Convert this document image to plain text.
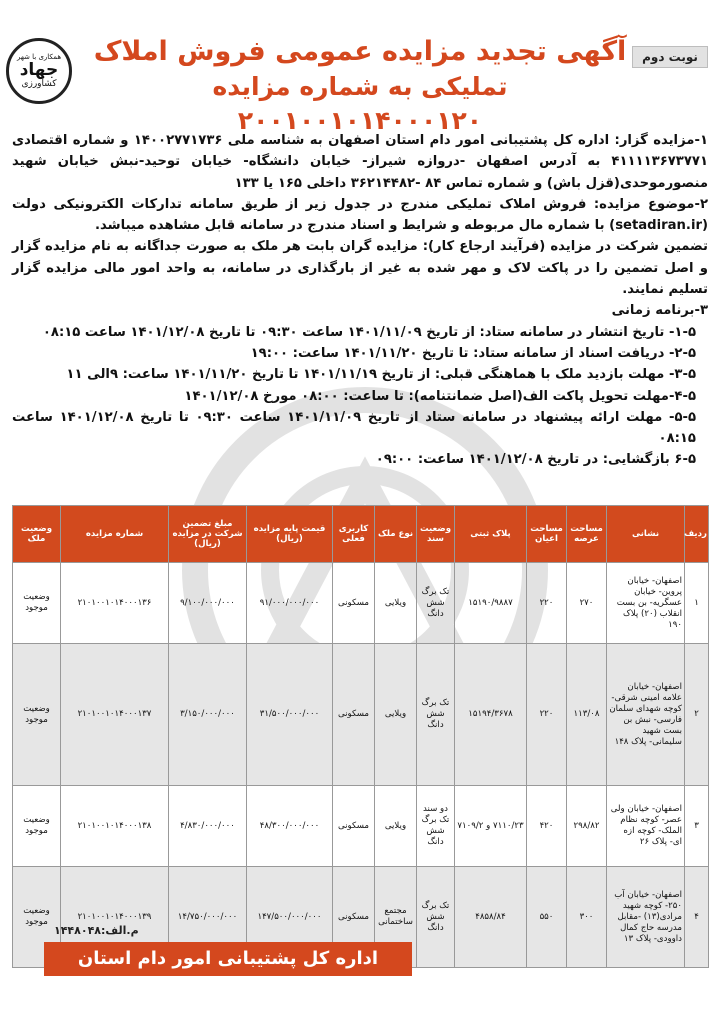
نوبت دوم
همکاری با شهر
جهاد
کشاورزی
آگهی تجدید مزایده عمومی فروش املاک
تملیکی به شماره مزایده ۲۰۰۱۰۰۱۰۱۴۰۰۰۱۲۰

۱-مزایده گزار: اداره کل پشتیبانی امور دام استان اصفهان به شناسه ملی ۱۴۰۰۲۷۷۱۷۳۶ و شماره اقتصادی ۴۱۱۱۱۳۶۷۳۷۷۱ به آدرس اصفهان -دروازه شیراز- خیابان دانشگاه- خیابان توحید-نبش خیابان شهید منصورموحدی(قزل باش) و شماره تماس ۸۴ -۳۶۲۱۴۴۸۲ داخلی ۱۶۵ یا ۱۳۳

۲-موضوع مزایده: فروش املاک تملیکی مندرج در جدول زیر از طریق سامانه تدارکات الکترونیکی دولت (setadiran.ir) با شماره مال مربوطه و شرایط و اسناد مندرج در سامانه قابل مشاهده میباشد.

تضمین شرکت در مزایده (فرآیند ارجاع کار): مزایده گران بابت هر ملک به صورت جداگانه به نام مزایده گزار و اصل تضمین را در پاکت لاک و مهر شده به غیر از بارگذاری در سامانه، به واحد امور مالی مزایده گزار تسلیم نمایند.

۳-برنامه زمانی

۱-۵- تاریخ انتشار در سامانه ستاد: از تاریخ ۱۴۰۱/۱۱/۰۹ ساعت ۰۹:۳۰ تا تاریخ ۱۴۰۱/۱۲/۰۸ ساعت ۰۸:۱۵

۲-۵- دریافت اسناد از سامانه ستاد: تا تاریخ ۱۴۰۱/۱۱/۲۰ ساعت: ۱۹:۰۰

۳-۵- مهلت بازدید ملک با هماهنگی قبلی: از تاریخ ۱۴۰۱/۱۱/۱۹ تا تاریخ ۱۴۰۱/۱۱/۲۰ ساعت: ۹الی ۱۱

۴-۵-مهلت تحویل پاکت الف(اصل ضمانتنامه): تا ساعت: ۰۸:۰۰ مورخ ۱۴۰۱/۱۲/۰۸

۵-۵- مهلت ارائه پیشنهاد در سامانه ستاد از تاریخ ۱۴۰۱/۱۱/۰۹ ساعت ۰۹:۳۰ تا تاریخ ۱۴۰۱/۱۲/۰۸ ساعت ۰۸:۱۵

۶-۵ بازگشایی: در تاریخ ۱۴۰۱/۱۲/۰۸ ساعت: ۰۹:۰۰

ردیف	نشانی	مساحت عرصه	مساحت اعیان	پلاک ثبتی	وضعیت سند	نوع ملک	کاربری فعلی	قیمت پایه مزایده (ریال)	مبلغ تضمین شرکت در مزایده (ریال)	شماره مزایده	وضعیت ملک
۱	اصفهان- خیابان پروین- خیابان عسگریه- بن بست انقلاب (۲۰) پلاک ۱۹۰	۲۷۰	۲۲۰	۱۵۱۹۰/۹۸۸۷	تک برگ شش دانگ	ویلایی	مسکونی	۹۱/۰۰۰/۰۰۰/۰۰۰	۹/۱۰۰/۰۰۰/۰۰۰	۲۱۰۱۰۰۱۰۱۴۰۰۰۱۳۶	وضعیت موجود
۲	اصفهان- خیابان علامه امینی شرقی- کوچه شهدای سلمان فارسی- نبش بن بست شهید سلیمانی- پلاک ۱۴۸	۱۱۳/۰۸	۲۲۰	۱۵۱۹۴/۳۶۷۸	تک برگ شش دانگ	ویلایی	مسکونی	۳۱/۵۰۰/۰۰۰/۰۰۰	۳/۱۵۰/۰۰۰/۰۰۰	۲۱۰۱۰۰۱۰۱۴۰۰۰۱۳۷	وضعیت موجود
۳	اصفهان- خیابان ولی عصر- کوچه نظام الملک- کوچه ازه ای- پلاک ۲۶	۲۹۸/۸۲	۴۲۰	۷۱۱۰/۲۳ و ۷۱۰۹/۲	دو سند تک برگ شش دانگ	ویلایی	مسکونی	۴۸/۳۰۰/۰۰۰/۰۰۰	۴/۸۳۰/۰۰۰/۰۰۰	۲۱۰۱۰۰۱۰۱۴۰۰۰۱۳۸	وضعیت موجود
۴	اصفهان- خیابان آب ۲۵۰- کوچه شهید مرادی(۱۳) -مقابل مدرسه حاج کمال داوودی- پلاک ۱۳	۳۰۰	۵۵۰	۴۸۵۸/۸۴	تک برگ شش دانگ	مجتمع ساختمانی	مسکونی	۱۴۷/۵۰۰/۰۰۰/۰۰۰	۱۴/۷۵۰/۰۰۰/۰۰۰	۲۱۰۱۰۰۱۰۱۴۰۰۰۱۳۹	وضعیت موجود
م.الف:۱۴۴۸۰۴۸
اداره کل پشتیبانی امور دام استان اصفهان
